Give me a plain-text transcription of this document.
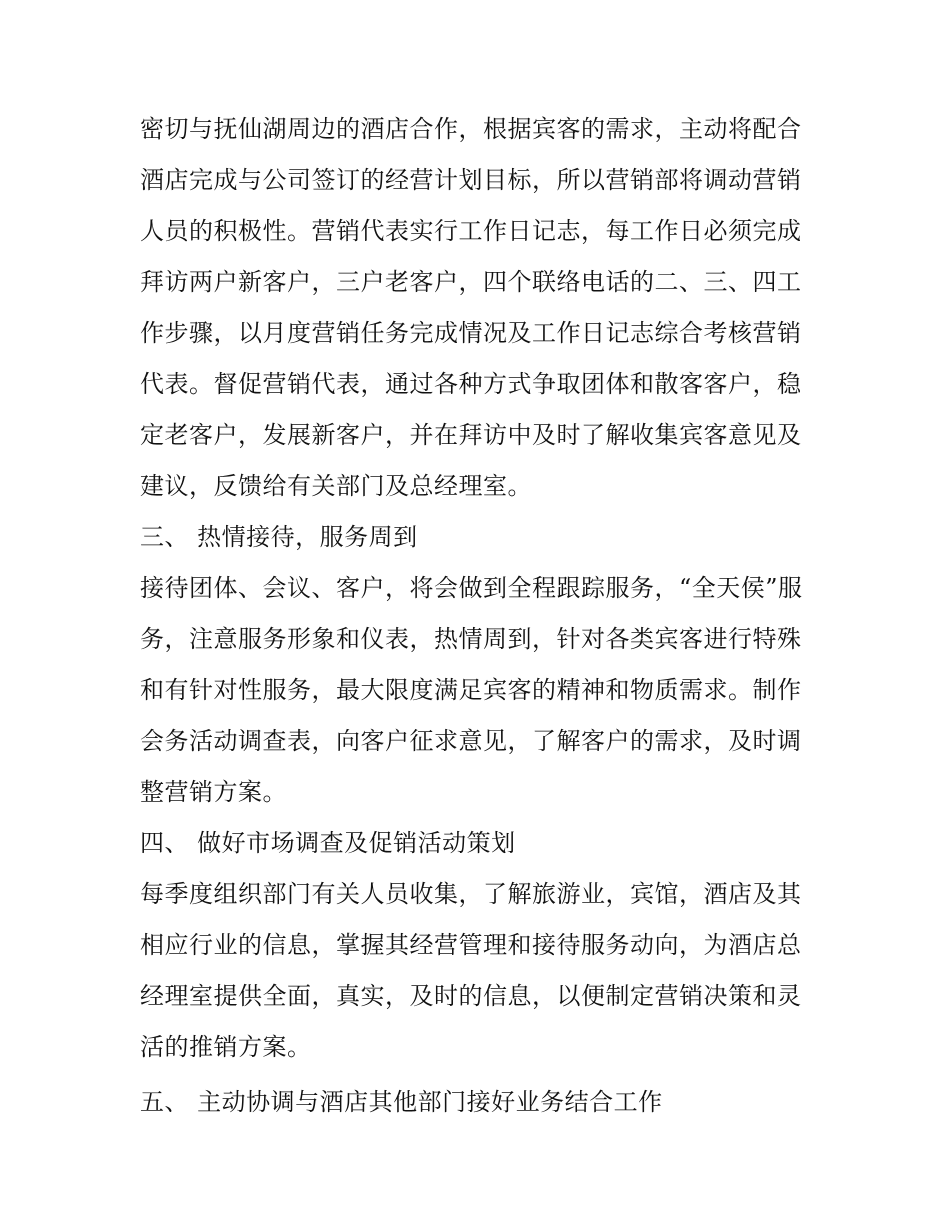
密切与抚仙湖周边的酒店合作，根据宾客的需求，主动将配合酒店完成与公司签订的经营计划目标，所以营销部将调动营销人员的积极性。营销代表实行工作日记志，每工作日必须完成拜访两户新客户，三户老客户，四个联络电话的二、三、四工作步骤，以月度营销任务完成情况及工作日记志综合考核营销代表。督促营销代表，通过各种方式争取团体和散客客户，稳定老客户，发展新客户，并在拜访中及时了解收集宾客意见及建议，反馈给有关部门及总经理室。

三、 热情接待，服务周到

接待团体、会议、客户，将会做到全程跟踪服务，“全天侯”服务，注意服务形象和仪表，热情周到，针对各类宾客进行特殊和有针对性服务，最大限度满足宾客的精神和物质需求。制作会务活动调查表，向客户征求意见，了解客户的需求，及时调整营销方案。

四、 做好市场调查及促销活动策划

每季度组织部门有关人员收集，了解旅游业，宾馆，酒店及其相应行业的信息，掌握其经营管理和接待服务动向，为酒店总经理室提供全面，真实，及时的信息，以便制定营销决策和灵活的推销方案。

五、 主动协调与酒店其他部门接好业务结合工作
